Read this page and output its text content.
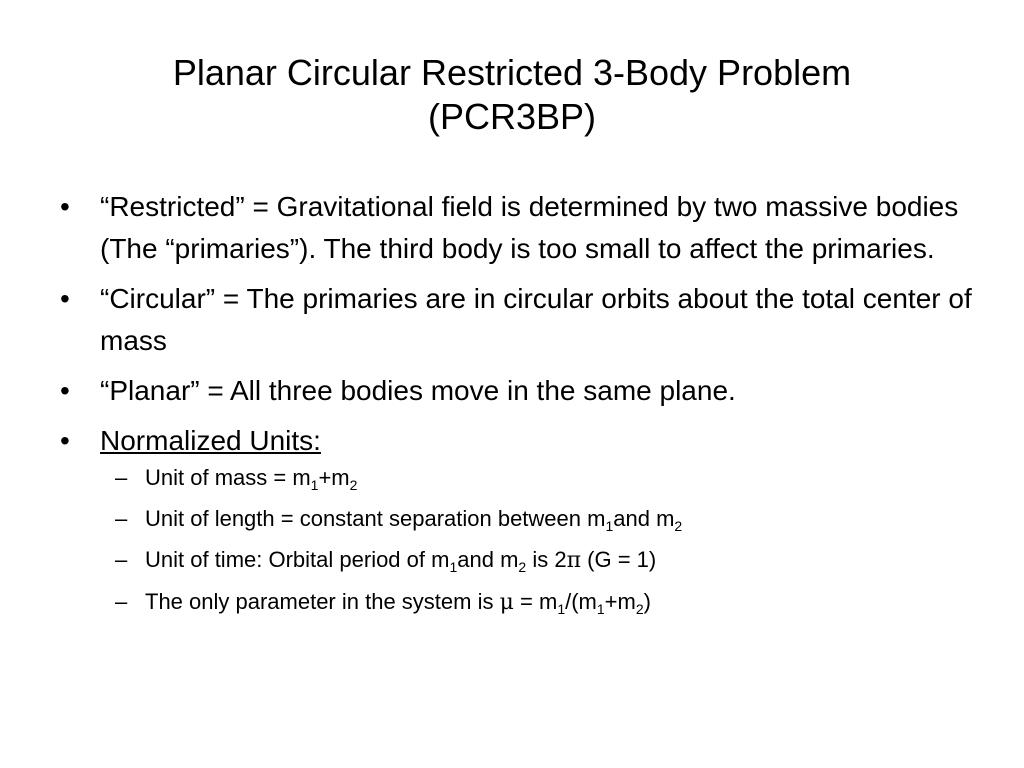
Planar Circular Restricted 3-Body Problem
(PCR3BP)
•	“Restricted” = Gravitational field is determined by two massive bodies (The “primaries”). The third body is too small to affect the primaries.
•	“Circular” = The primaries are in circular orbits about the total center of mass
•	“Planar” = All three bodies move in the same plane.
•	Normalized Units:
– Unit of mass = $m_1+m_2$
– Unit of length = constant separation between $m_1and$ $m_2$
– Unit of time: Orbital period of $m_1and$ $m_2$ is 2π (G = 1)
– The only parameter in the system is $\mu = m_1/(m_1+m_2)$
